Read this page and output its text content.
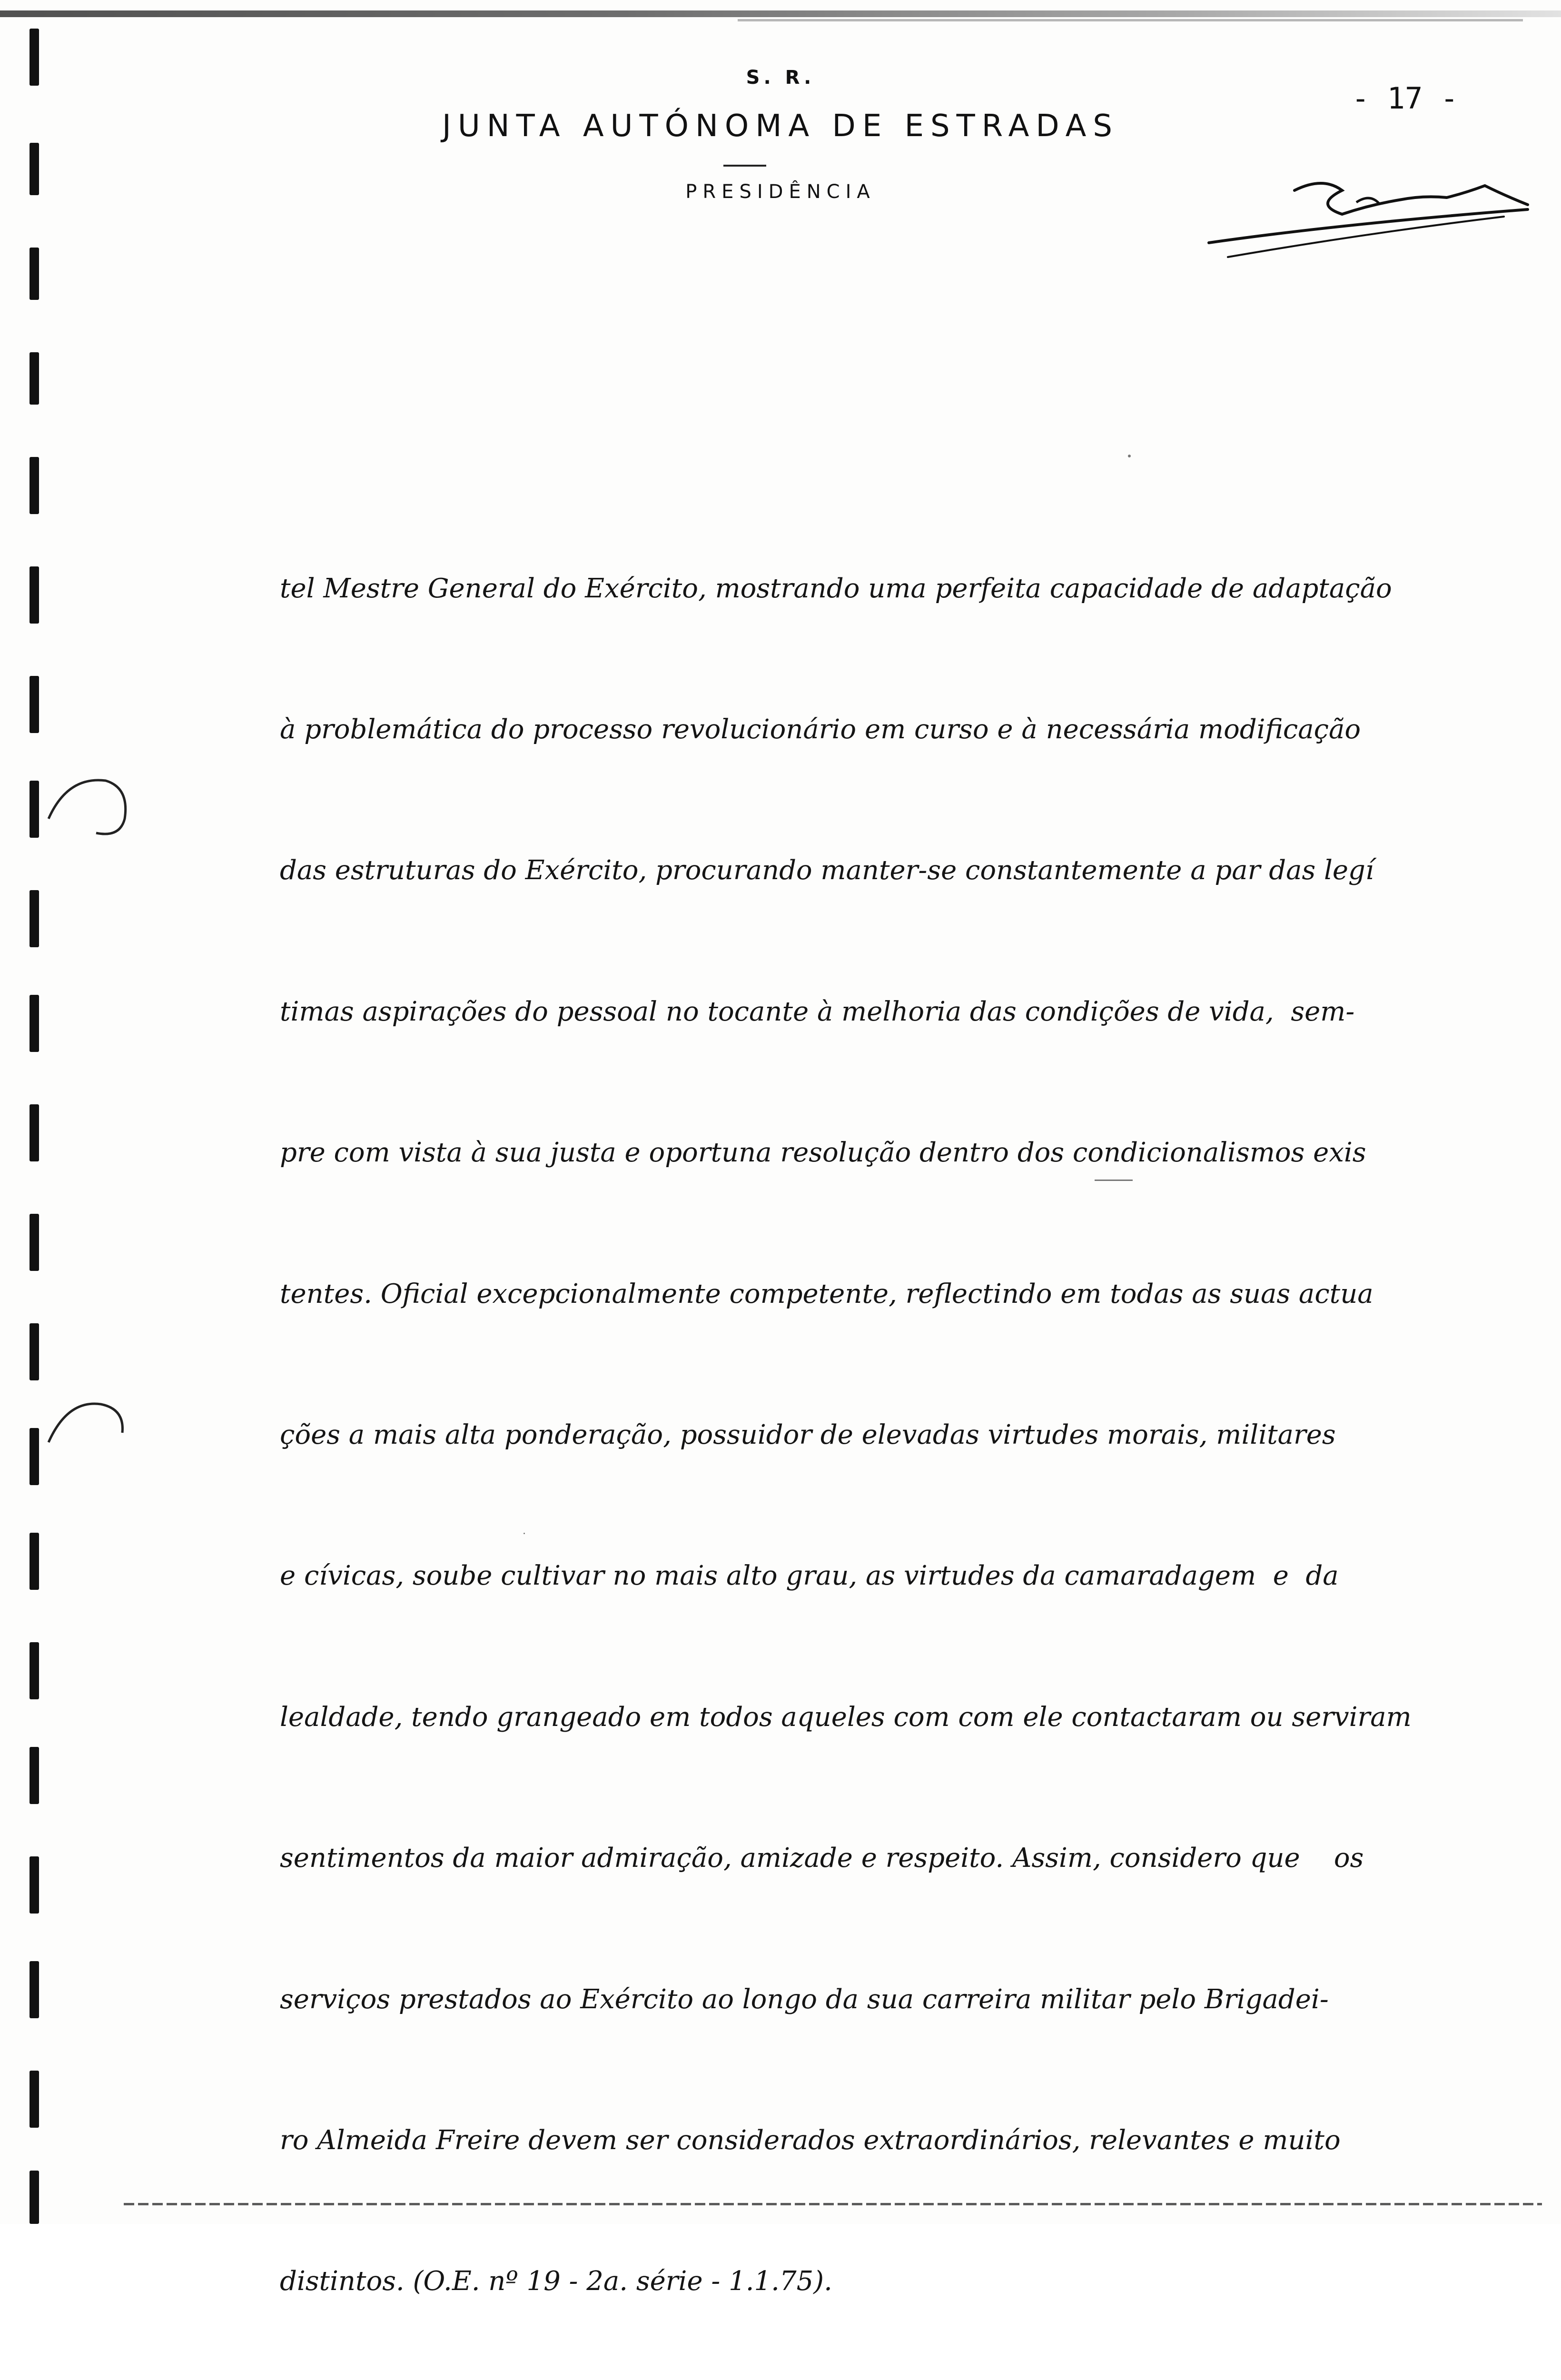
S. R.
JUNTA AUTÓNOMA DE ESTRADAS
PRESIDÊNCIA
- 17 -

tel Mestre General do Exército, mostrando uma perfeita capacidade de adaptação

à problemática do processo revolucionário em curso e à necessária modificação

das estruturas do Exército, procurando manter-se constantemente a par das legí

timas aspirações do pessoal no tocante à melhoria das condições de vida,  sem-

pre com vista à sua justa e oportuna resolução dentro dos condicionalismos exis

tentes. Oficial excepcionalmente competente, reflectindo em todas as suas actua

ções a mais alta ponderação, possuidor de elevadas virtudes morais, militares

e cívicas, soube cultivar no mais alto grau, as virtudes da camaradagem  e  da

lealdade, tendo grangeado em todos aqueles com com ele contactaram ou serviram

sentimentos da maior admiração, amizade e respeito. Assim, considero que    os

serviços prestados ao Exército ao longo da sua carreira militar pelo Brigadei-

ro Almeida Freire devem ser considerados extraordinários, relevantes e muito

distintos. (O.E. nº 19 - 2a. série - 1.1.75).
